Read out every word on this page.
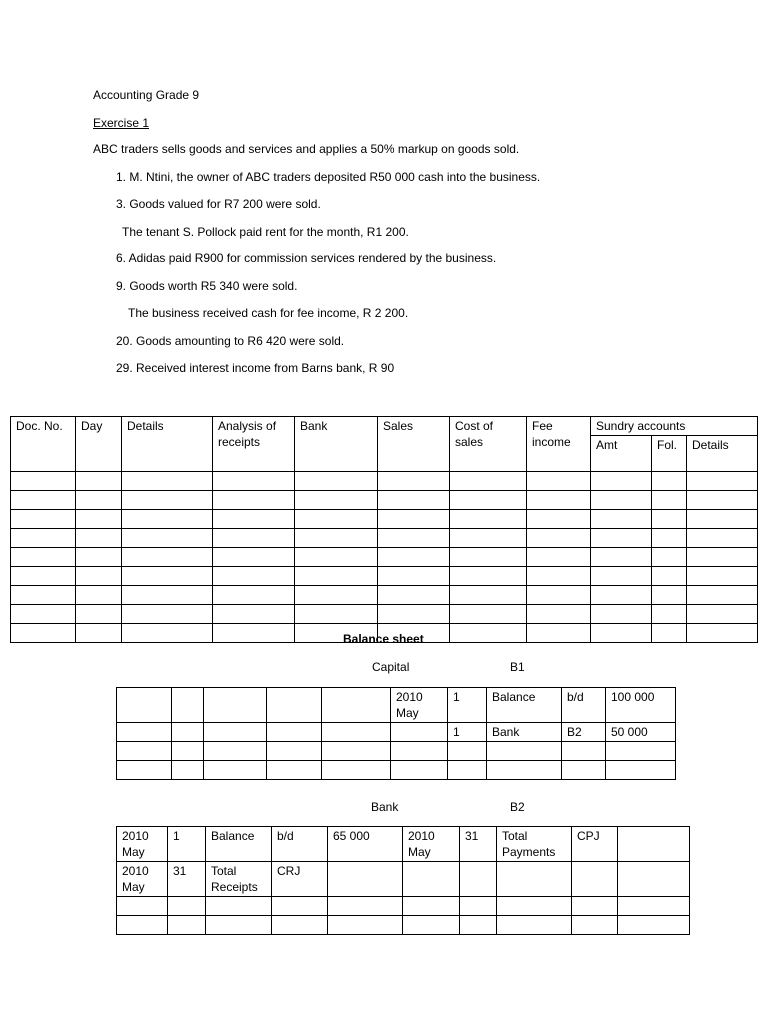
Accounting Grade 9
Exercise 1
ABC traders sells goods and services and applies a 50% markup on goods sold.
1. M. Ntini, the owner of ABC traders deposited R50 000 cash into the business.
3. Goods valued for R7 200 were sold.
The tenant S. Pollock paid rent for the month, R1 200.
6. Adidas paid R900 for commission services rendered by the business.
9. Goods worth R5 340 were sold.
The business received cash for fee income, R 2 200.
20. Goods amounting to R6 420 were sold.
29. Received interest income from Barns bank, R 90
Doc. No.	Day	Details	Analysis of receipts	Bank	Sales	Cost of sales	Fee income	Sundry accounts		
								Amt	Fol.	Details

Balance sheet
Capital	B1
					2010 May	1	Balance	b/d	100 000
						1	Bank	B2	50 000

Bank	B2
2010 May	1	Balance	b/d	65 000	2010 May	31	Total Payments	CPJ	
2010 May	31	Total Receipts	CRJ						
